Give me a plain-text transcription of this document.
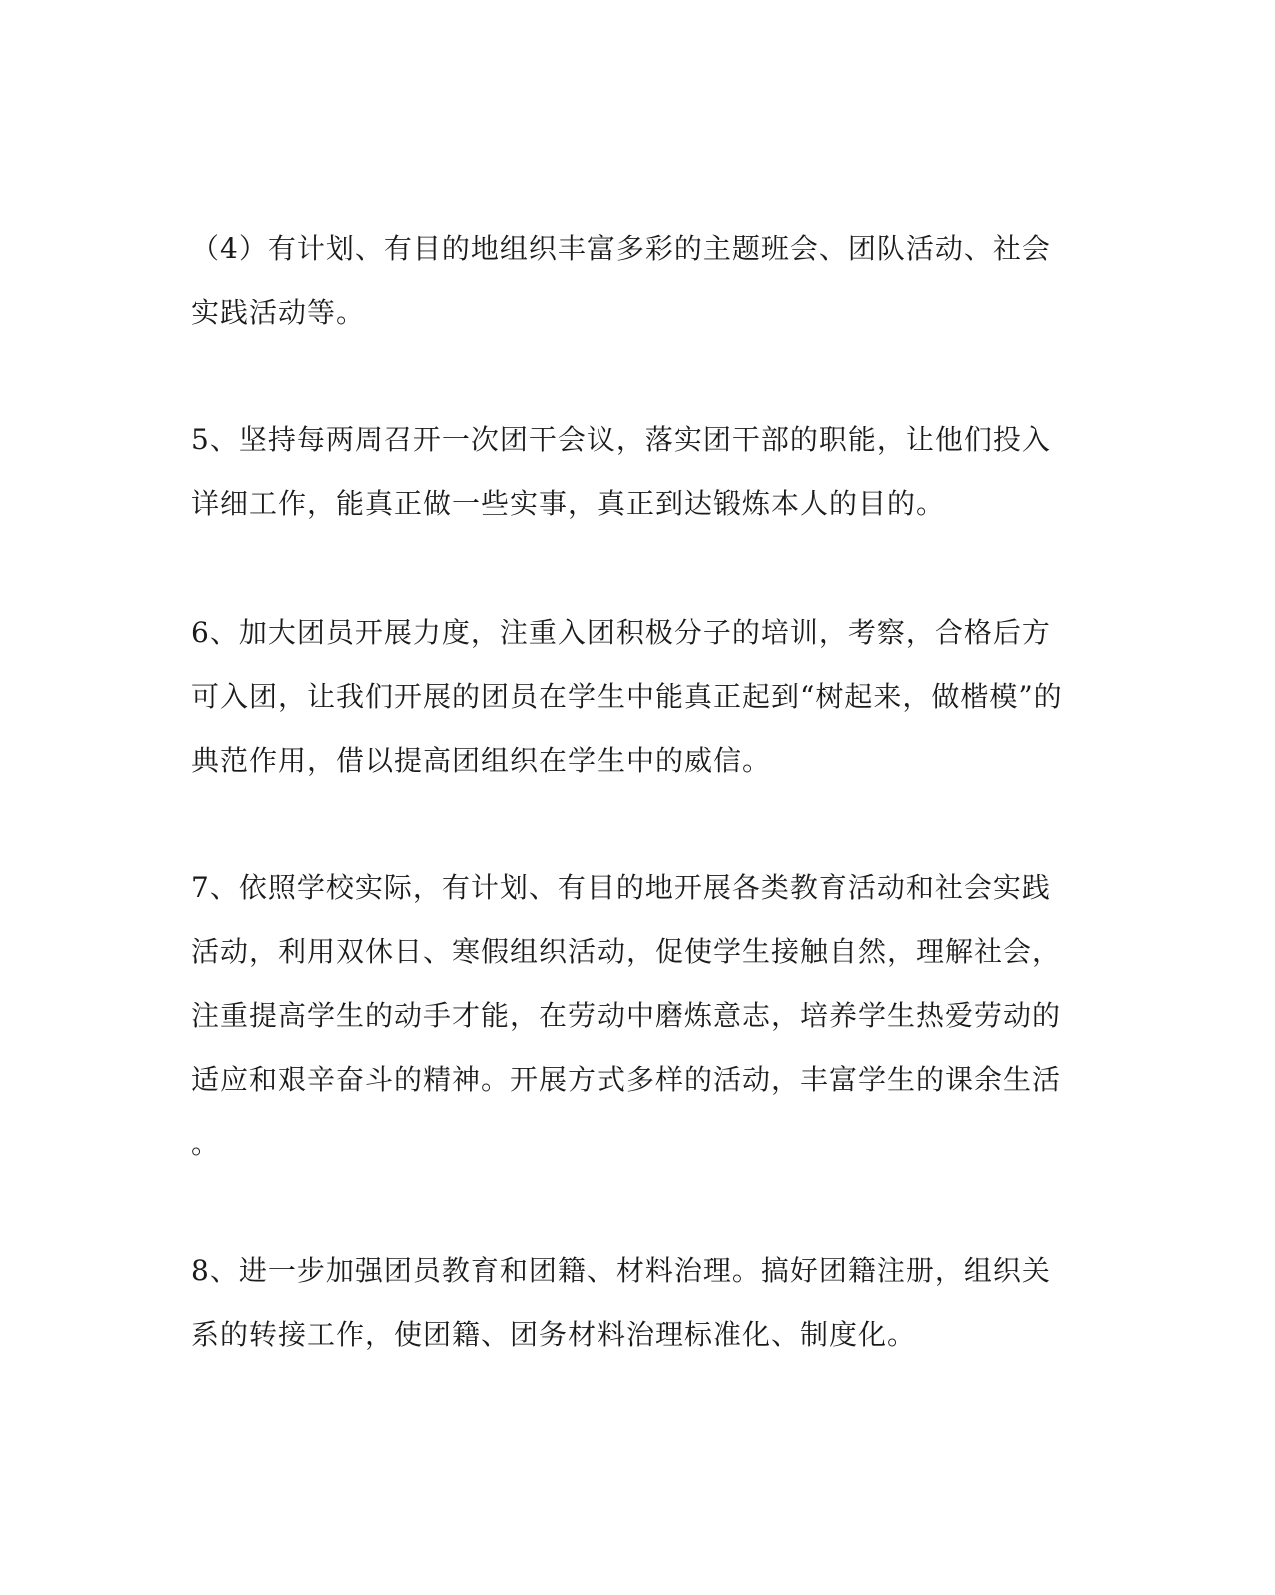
（4）有计划、有目的地组织丰富多彩的主题班会、团队活动、社会
实践活动等。
5、坚持每两周召开一次团干会议，落实团干部的职能，让他们投入
详细工作，能真正做一些实事，真正到达锻炼本人的目的。
6、加大团员开展力度，注重入团积极分子的培训，考察，合格后方
可入团，让我们开展的团员在学生中能真正起到“树起来，做楷模”的
典范作用，借以提高团组织在学生中的威信。
7、依照学校实际，有计划、有目的地开展各类教育活动和社会实践
活动，利用双休日、寒假组织活动，促使学生接触自然，理解社会，
注重提高学生的动手才能，在劳动中磨炼意志，培养学生热爱劳动的
适应和艰辛奋斗的精神。开展方式多样的活动，丰富学生的课余生活
。
8、进一步加强团员教育和团籍、材料治理。搞好团籍注册，组织关
系的转接工作，使团籍、团务材料治理标准化、制度化。
